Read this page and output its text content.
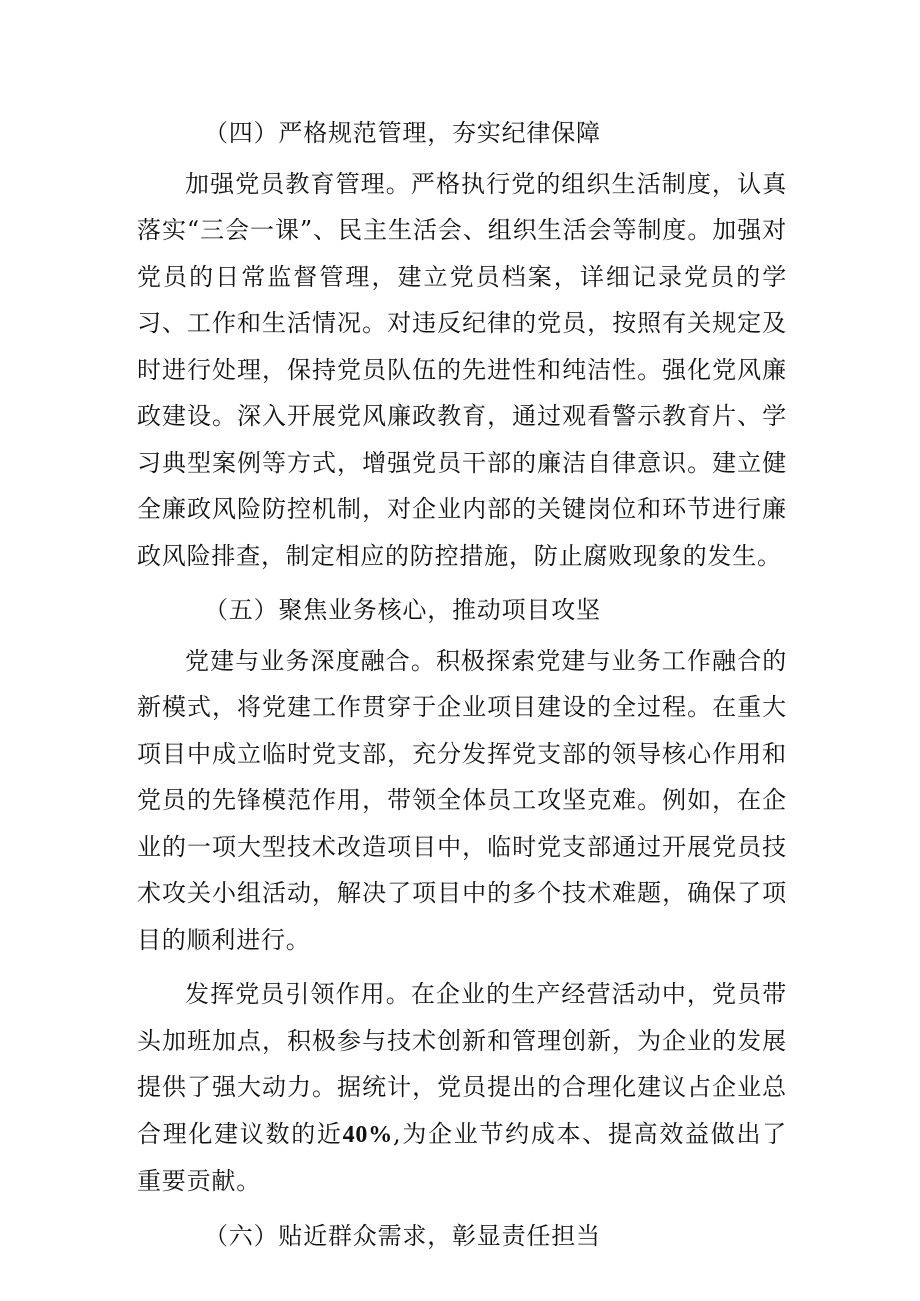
（四）严格规范管理，夯实纪律保障

加强党员教育管理。严格执行党的组织生活制度，认真落实“三会一课”、民主生活会、组织生活会等制度。加强对党员的日常监督管理，建立党员档案，详细记录党员的学习、工作和生活情况。对违反纪律的党员，按照有关规定及时进行处理，保持党员队伍的先进性和纯洁性。强化党风廉政建设。深入开展党风廉政教育，通过观看警示教育片、学习典型案例等方式，增强党员干部的廉洁自律意识。建立健全廉政风险防控机制，对企业内部的关键岗位和环节进行廉政风险排查，制定相应的防控措施，防止腐败现象的发生。

（五）聚焦业务核心，推动项目攻坚

党建与业务深度融合。积极探索党建与业务工作融合的新模式，将党建工作贯穿于企业项目建设的全过程。在重大项目中成立临时党支部，充分发挥党支部的领导核心作用和党员的先锋模范作用，带领全体员工攻坚克难。例如，在企业的一项大型技术改造项目中，临时党支部通过开展党员技术攻关小组活动，解决了项目中的多个技术难题，确保了项目的顺利进行。

发挥党员引领作用。在企业的生产经营活动中，党员带头加班加点，积极参与技术创新和管理创新，为企业的发展提供了强大动力。据统计，党员提出的合理化建议占企业总合理化建议数的近40%,为企业节约成本、提高效益做出了重要贡献。

（六）贴近群众需求，彰显责任担当
